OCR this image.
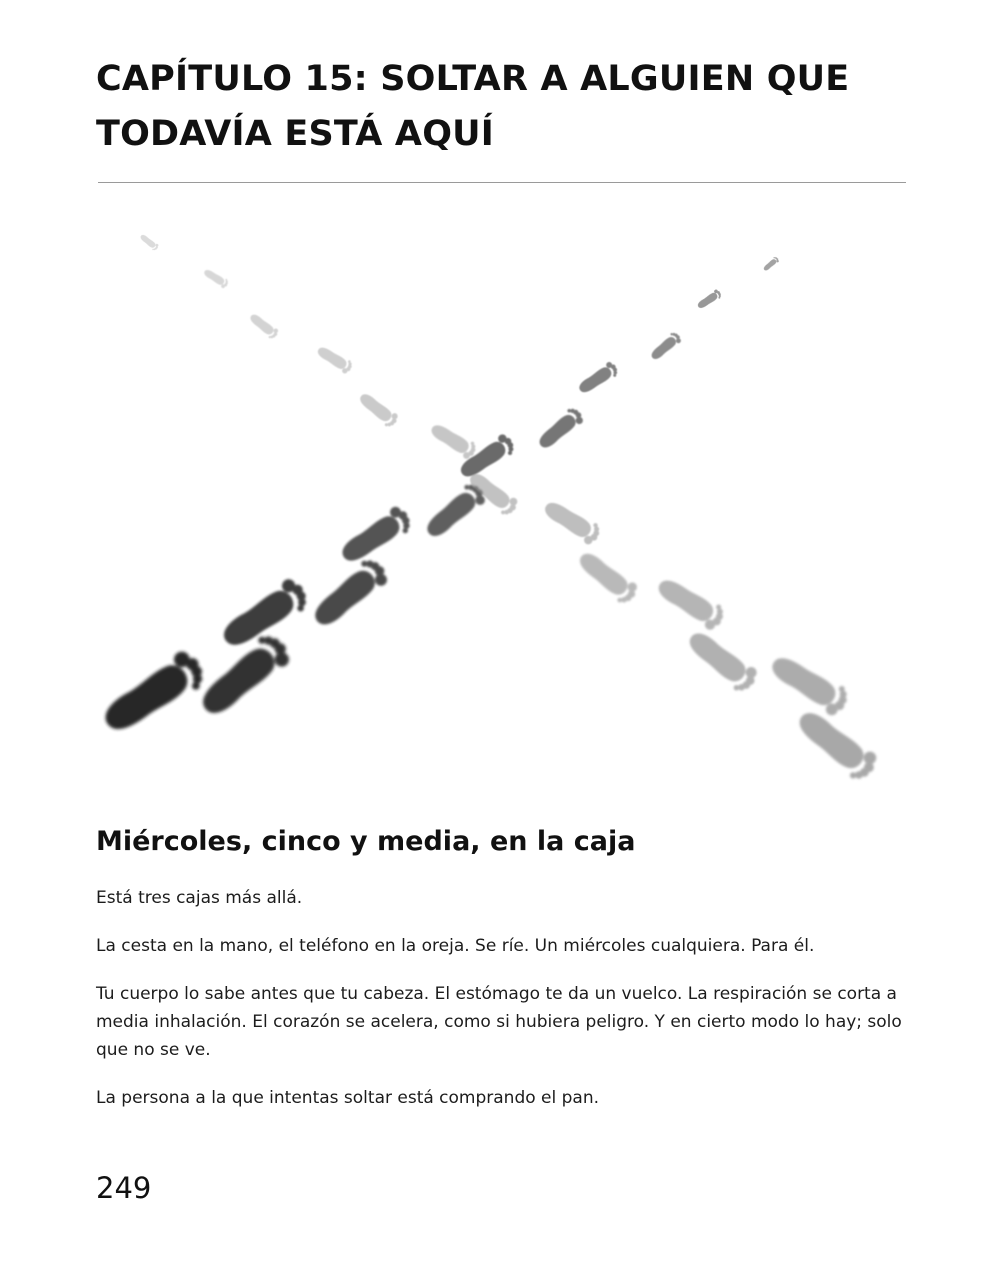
CAPÍTULO 15: SOLTAR A ALGUIEN QUE
TODAVÍA ESTÁ AQUÍ
Miércoles, cinco y media, en la caja

Está tres cajas más allá.

La cesta en la mano, el teléfono en la oreja. Se ríe. Un miércoles cualquiera. Para él.

Tu cuerpo lo sabe antes que tu cabeza. El estómago te da un vuelco. La respiración se corta a media inhalación. El corazón se acelera, como si hubiera peligro. Y en cierto modo lo hay; solo que no se ve.

La persona a la que intentas soltar está comprando el pan.

249
